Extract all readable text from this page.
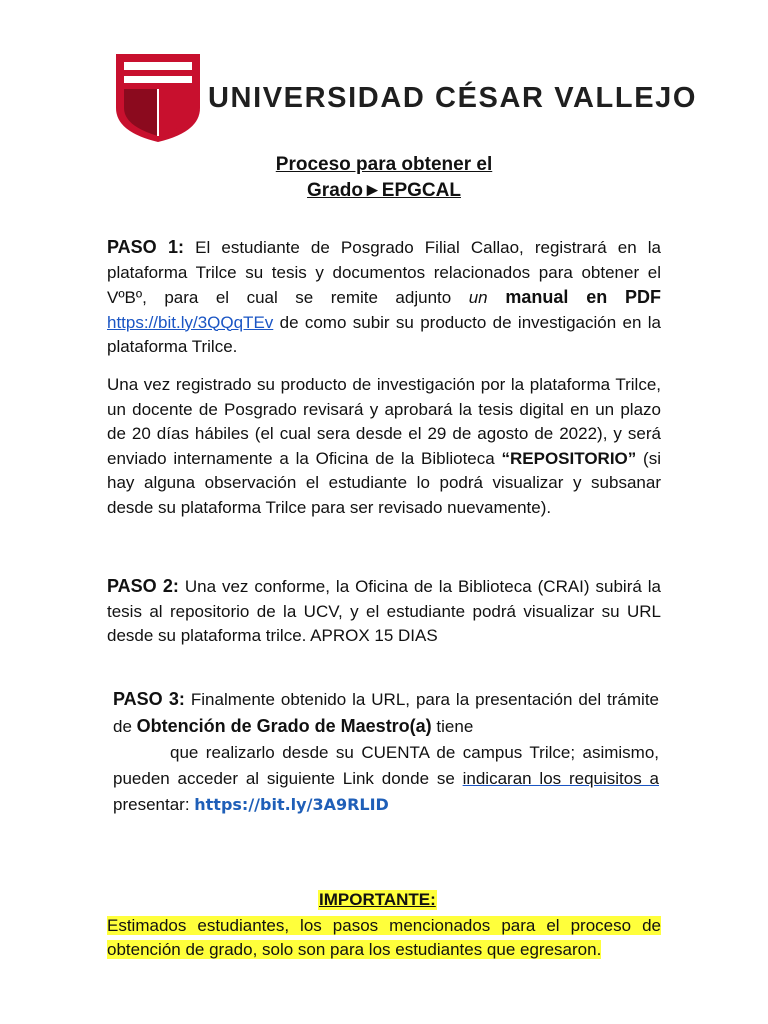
UNIVERSIDAD CÉSAR VALLEJO
Proceso para obtener el
Grado►EPGCAL
PASO 1: El estudiante de Posgrado Filial Callao, registrará en la plataforma Trilce su tesis y documentos relacionados para obtener el VºBº, para el cual se remite adjunto un manual en PDF https://bit.ly/3QQqTEv de como subir su producto de investigación en la plataforma Trilce.
Una vez registrado su producto de investigación por la plataforma Trilce, un docente de Posgrado revisará y aprobará la tesis digital en un plazo de 20 días hábiles (el cual sera desde el 29 de agosto de 2022), y será enviado internamente a la Oficina de la Biblioteca “REPOSITORIO” (si hay alguna observación el estudiante lo podrá visualizar y subsanar desde su plataforma Trilce para ser revisado nuevamente).
PASO 2: Una vez conforme, la Oficina de la Biblioteca (CRAI) subirá la tesis al repositorio de la UCV, y el estudiante podrá visualizar su URL desde su plataforma trilce. APROX 15 DIAS
PASO 3: Finalmente obtenido la URL, para la presentación del trámite de Obtención de Grado de Maestro(a) tiene
que realizarlo desde su CUENTA de campus Trilce; asimismo, pueden acceder al siguiente Link donde se indicaran los requisitos a presentar: https://bit.ly/3A9RLID
IMPORTANTE:
Estimados estudiantes, los pasos mencionados para el proceso de obtención de grado, solo son para los estudiantes que egresaron.
